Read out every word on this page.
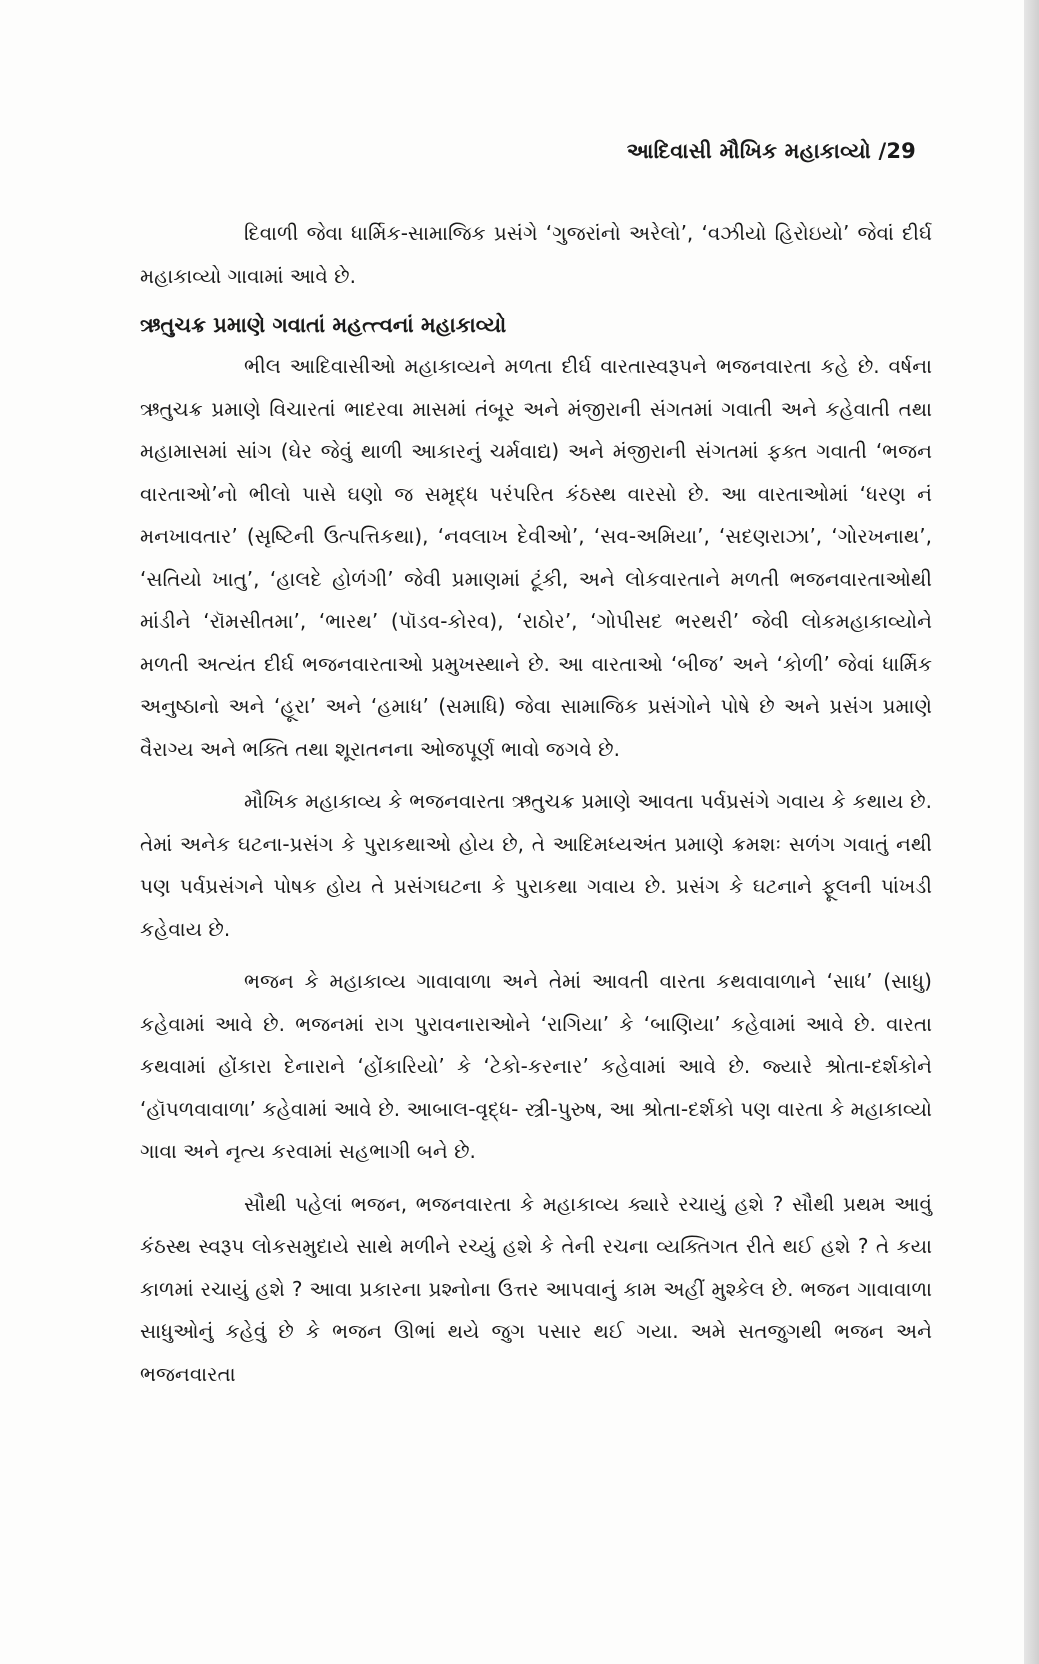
આદિવાસી મૌખિક મહાકાવ્યો /29

દિવાળી જેવા ધાર્મિક-સામાજિક પ્રસંગે ‘ગુજરાંનો અરેલો’, ‘વઝીયો હિરોઇયો’ જેવાં દીર્ઘ મહાકાવ્યો ગાવામાં આવે છે.

ઋતુચક્ર પ્રમાણે ગવાતાં મહત્ત્વનાં મહાકાવ્યો

ભીલ આદિવાસીઓ મહાકાવ્યને મળતા દીર્ઘ વારતાસ્વરૂપને ભજનવારતા કહે છે. વર્ષના ઋતુચક્ર પ્રમાણે વિચારતાં ભાદરવા માસમાં તંબૂર અને મંજીરાની સંગતમાં ગવાતી અને કહેવાતી તથા મહામાસમાં સાંગ (ઘેર જેવું થાળી આકારનું ચર્મવાદ્ય) અને મંજીરાની સંગતમાં ફક્ત ગવાતી ‘ભજન વારતાઓ’નો ભીલો પાસે ઘણો જ સમૃદ્ધ પરંપરિત કંઠસ્થ વારસો છે. આ વારતાઓમાં ‘ધરણ નં મનખાવતાર’ (સૃષ્ટિની ઉત્પત્તિકથા), ‘નવલાખ દેવીઓ’, ‘સવ-અમિયા’, ‘સદણરાઝા’, ‘ગોરખનાથ’, ‘સતિયો ખાતુ’, ‘હાલદે હોળંગી’ જેવી પ્રમાણમાં ટૂંકી, અને લોકવારતાને મળતી ભજનવારતાઓથી માંડીને ‘રૉમસીતમા’, ‘ભારથ’ (પૉડવ-કોરવ), ‘રાઠોર’, ‘ગોપીસદ ભરથરી’ જેવી લોકમહાકાવ્યોને મળતી અત્યંત દીર્ઘ ભજનવારતાઓ પ્રમુખસ્થાને છે. આ વારતાઓ ‘બીજ’ અને ‘કોળી’ જેવાં ધાર્મિક અનુષ્ઠાનો અને ‘હૂરા’ અને ‘હમાધ’ (સમાધિ) જેવા સામાજિક પ્રસંગોને પોષે છે અને પ્રસંગ પ્રમાણે વૈરાગ્ય અને ભક્તિ તથા શૂરાતનના ઓજપૂર્ણ ભાવો જગવે છે.

મૌખિક મહાકાવ્ય કે ભજનવારતા ઋતુચક્ર પ્રમાણે આવતા પર્વપ્રસંગે ગવાય કે કથાય છે. તેમાં અનેક ઘટના-પ્રસંગ કે પુરાકથાઓ હોય છે, તે આદિમધ્યઅંત પ્રમાણે ક્રમશઃ સળંગ ગવાતું નથી પણ પર્વપ્રસંગને પોષક હોય તે પ્રસંગઘટના કે પુરાકથા ગવાય છે. પ્રસંગ કે ઘટનાને ફૂલની પાંખડી કહેવાય છે.

ભજન કે મહાકાવ્ય ગાવાવાળા અને તેમાં આવતી વારતા કથવાવાળાને ‘સાધ’ (સાધુ) કહેવામાં આવે છે. ભજનમાં રાગ પુરાવનારાઓને ‘રાગિયા’ કે ‘બાણિયા’ કહેવામાં આવે છે. વારતા કથવામાં હોંકારા દેનારાને ‘હોંકારિયો’ કે ‘ટેકો-કરનાર’ કહેવામાં આવે છે. જ્યારે શ્રોતા-દર્શકોને ‘હૉપળવાવાળા’ કહેવામાં આવે છે. આબાલ-વૃદ્ધ- સ્ત્રી-પુરુષ, આ શ્રોતા-દર્શકો પણ વારતા કે મહાકાવ્યો ગાવા અને નૃત્ય કરવામાં સહભાગી બને છે.

સૌથી પહેલાં ભજન, ભજનવારતા કે મહાકાવ્ય ક્યારે રચાયું હશે ? સૌથી પ્રથમ આવું કંઠસ્થ સ્વરૂપ લોકસમુદાયે સાથે મળીને રચ્યું હશે કે તેની રચના વ્યક્તિગત રીતે થઈ હશે ? તે કયા કાળમાં રચાયું હશે ? આવા પ્રકારના પ્રશ્નોના ઉત્તર આપવાનું કામ અહીં મુશ્કેલ છે. ભજન ગાવાવાળા સાધુઓનું કહેવું છે કે ભજન ઊભાં થયે જુગ પસાર થઈ ગયા. અમે સતજુગથી ભજન અને ભજનવારતા
